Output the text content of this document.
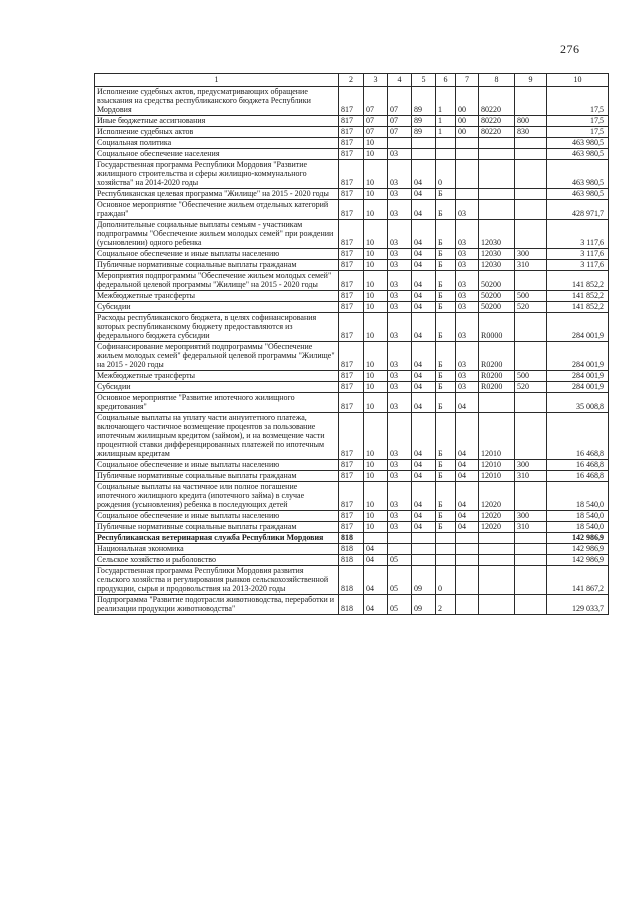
276
1	2	3	4	5	6	7	8	9	10
Исполнение судебных актов, предусматривающих обращение взыскания на средства республиканского бюджета Республики Мордовия	817	07	07	89	1	00	80220		17,5
Иные бюджетные ассигнования	817	07	07	89	1	00	80220	800	17,5
Исполнение судебных актов	817	07	07	89	1	00	80220	830	17,5
Социальная политика	817	10							463 980,5
Социальное обеспечение населения	817	10	03						463 980,5
Государственная программа Республики Мордовия "Развитие жилищного строительства и сферы жилищно-коммунального хозяйства" на 2014-2020 годы	817	10	03	04	0				463 980,5
Республиканская целевая программа "Жилище" на 2015 - 2020 годы	817	10	03	04	Б				463 980,5
Основное мероприятие "Обеспечение жильем отдельных категорий граждан"	817	10	03	04	Б	03			428 971,7
Дополнительные социальные выплаты семьям - участникам подпрограммы "Обеспечение жильем молодых семей" при рождении (усыновлении) одного ребенка	817	10	03	04	Б	03	12030		3 117,6
Социальное обеспечение и иные выплаты населению	817	10	03	04	Б	03	12030	300	3 117,6
Публичные нормативные социальные выплаты гражданам	817	10	03	04	Б	03	12030	310	3 117,6
Мероприятия подпрограммы "Обеспечение жильем молодых семей" федеральной целевой программы "Жилище" на 2015 - 2020 годы	817	10	03	04	Б	03	50200		141 852,2
Межбюджетные трансферты	817	10	03	04	Б	03	50200	500	141 852,2
Субсидии	817	10	03	04	Б	03	50200	520	141 852,2
Расходы республиканского бюджета, в целях софинансирования которых республиканскому бюджету предоставляются из федерального бюджета субсидии	817	10	03	04	Б	03	R0000		284 001,9
Софинансирование мероприятий подпрограммы "Обеспечение жильем молодых семей" федеральной целевой программы "Жилище" на 2015 - 2020 годы	817	10	03	04	Б	03	R0200		284 001,9
Межбюджетные трансферты	817	10	03	04	Б	03	R0200	500	284 001,9
Субсидии	817	10	03	04	Б	03	R0200	520	284 001,9
Основное мероприятие "Развитие ипотечного жилищного кредитования"	817	10	03	04	Б	04			35 008,8
Социальные выплаты на уплату части аннуитетного платежа, включающего частичное возмещение процентов за пользование ипотечным жилищным кредитом (займом), и на возмещение части процентной ставки дифференцированных платежей по ипотечным жилищным кредитам	817	10	03	04	Б	04	12010		16 468,8
Социальное обеспечение и иные выплаты населению	817	10	03	04	Б	04	12010	300	16 468,8
Публичные нормативные социальные выплаты гражданам	817	10	03	04	Б	04	12010	310	16 468,8
Социальные выплаты на частичное или полное погашение ипотечного жилищного кредита (ипотечного займа) в случае рождения (усыновления) ребенка в последующих детей	817	10	03	04	Б	04	12020		18 540,0
Социальное обеспечение и иные выплаты населению	817	10	03	04	Б	04	12020	300	18 540,0
Публичные нормативные социальные выплаты гражданам	817	10	03	04	Б	04	12020	310	18 540,0
Республиканская ветеринарная служба Республики Мордовия	818								142 986,9
Национальная экономика	818	04							142 986,9
Сельское хозяйство и рыболовство	818	04	05						142 986,9
Государственная программа Республики Мордовия развития сельского хозяйства и регулирования рынков сельскохозяйственной продукции, сырья и продовольствия на 2013-2020 годы	818	04	05	09	0				141 867,2
Подпрограмма "Развитие подотрасли животноводства, переработки и реализации продукции животноводства"	818	04	05	09	2				129 033,7
